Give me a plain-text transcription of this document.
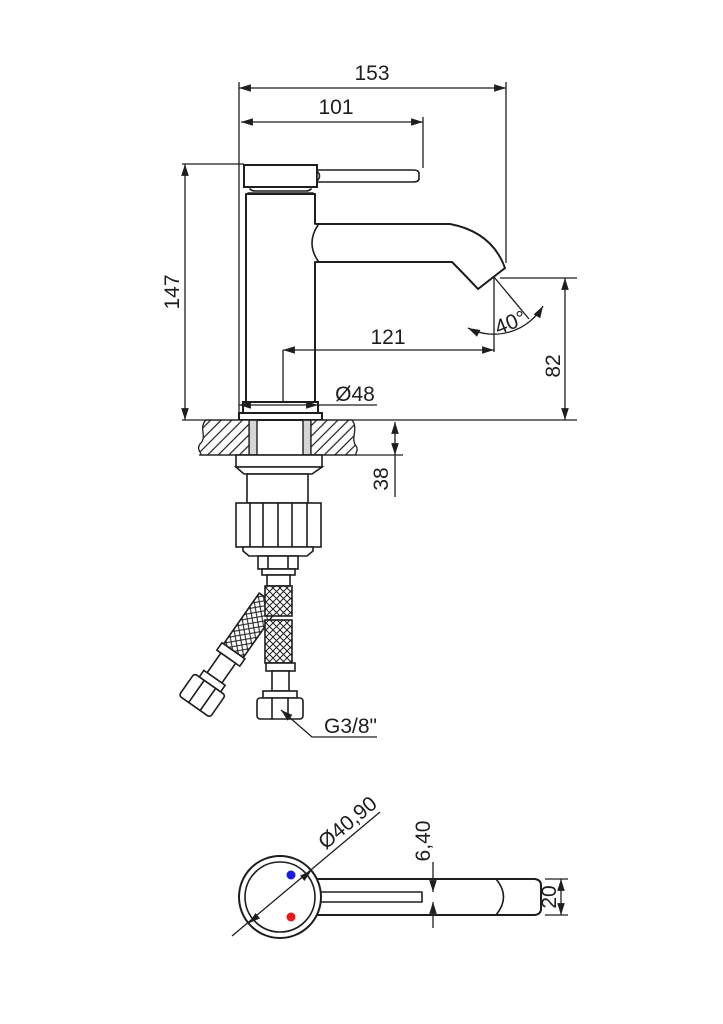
153
101
147
121	40°
Ø48
82
38
G3/8"
Ø40,90 6,40
20
